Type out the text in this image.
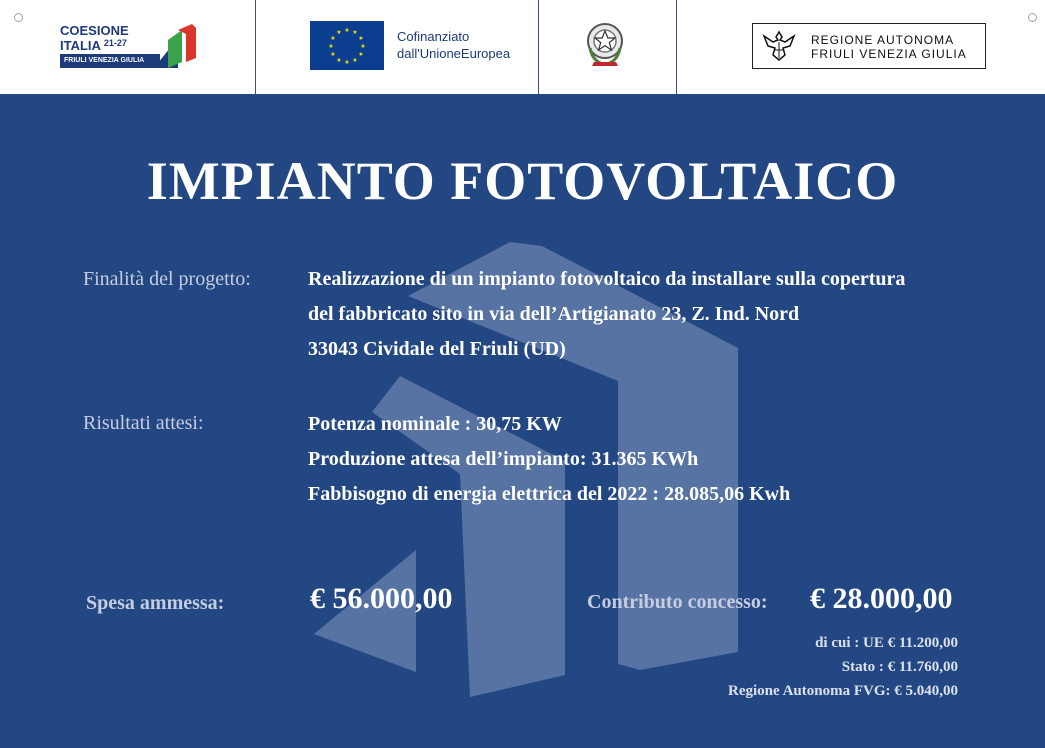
COESIONE
ITALIA $^{21-27}$
FRIULI VENEZIA GIULIA
★ ★
★
★
★
★
★
★
★
★
★
★	Cofinanziato
dall'UnioneEuropea
REGIONE AUTONOMA
FRIULI VENEZIA GIULIA
IMPIANTO FOTOVOLTAICO
Finalità del progetto:	Realizzazione di un impianto fotovoltaico da installare sulla copertura
del fabbricato sito in via dell’Artigianato 23, Z. Ind. Nord
33043 Cividale del Friuli (UD)
Risultati attesi:	Potenza nominale : 30,75 KW
Produzione attesa dell’impianto: 31.365 KWh
Fabbisogno di energia elettrica del 2022 : 28.085,06 Kwh
Spesa ammessa:	€ 56.000,00	Contributo concesso: € 28.000,00
di cui : UE € 11.200,00
Stato : € 11.760,00
Regione Autonoma FVG: € 5.040,00
